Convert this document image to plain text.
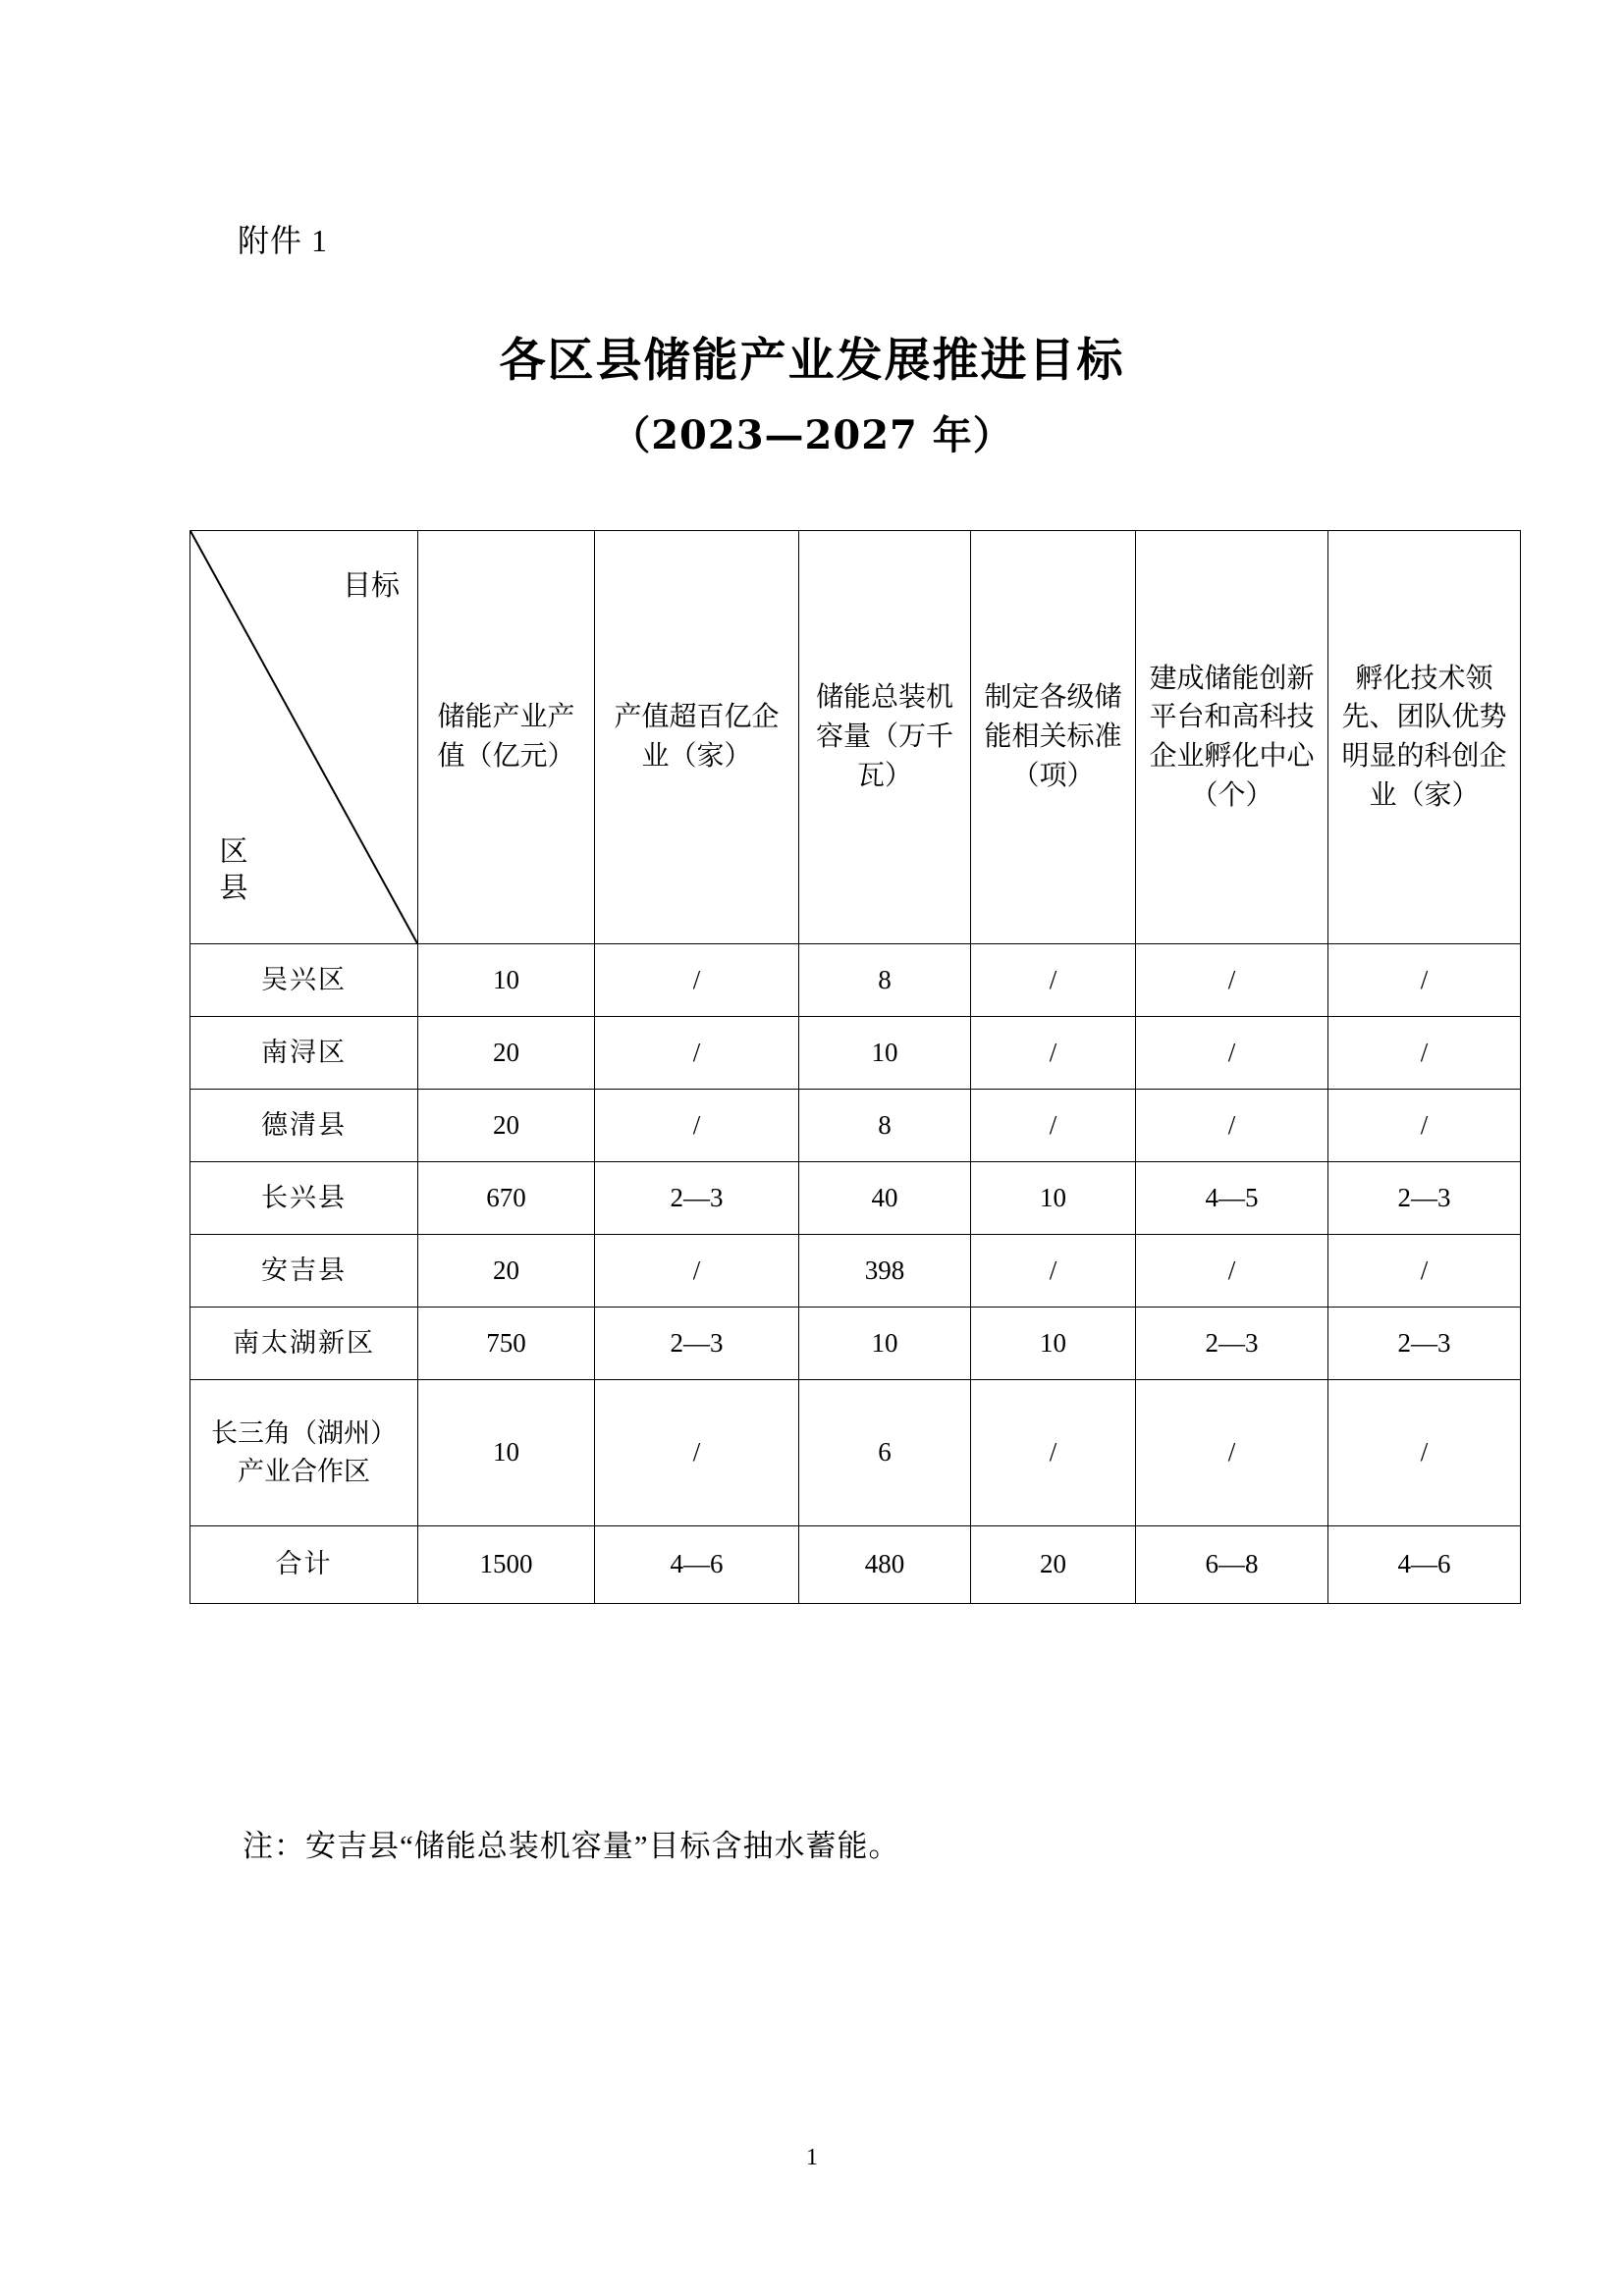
附件 1
各区县储能产业发展推进目标
（2023—2027 年）
目标
区县	储能产业产值（亿元）	产值超百亿企业（家）	储能总装机容量（万千瓦）	制定各级储能相关标准（项）	建成储能创新平台和高科技企业孵化中心（个）	孵化技术领先、团队优势明显的科创企业（家）

吴兴区	10	/	8	/	/	/
南浔区	20	/	10	/	/	/
德清县	20	/	8	/	/	/
长兴县	670	2—3	40	10	4—5	2—3
安吉县	20	/	398	/	/	/
南太湖新区	750	2—3	10	10	2—3	2—3
长三角（湖州）产业合作区	10	/	6	/	/	/
合计	1500	4—6	480	20	6—8	4—6
注：安吉县“储能总装机容量”目标含抽水蓄能。
1
